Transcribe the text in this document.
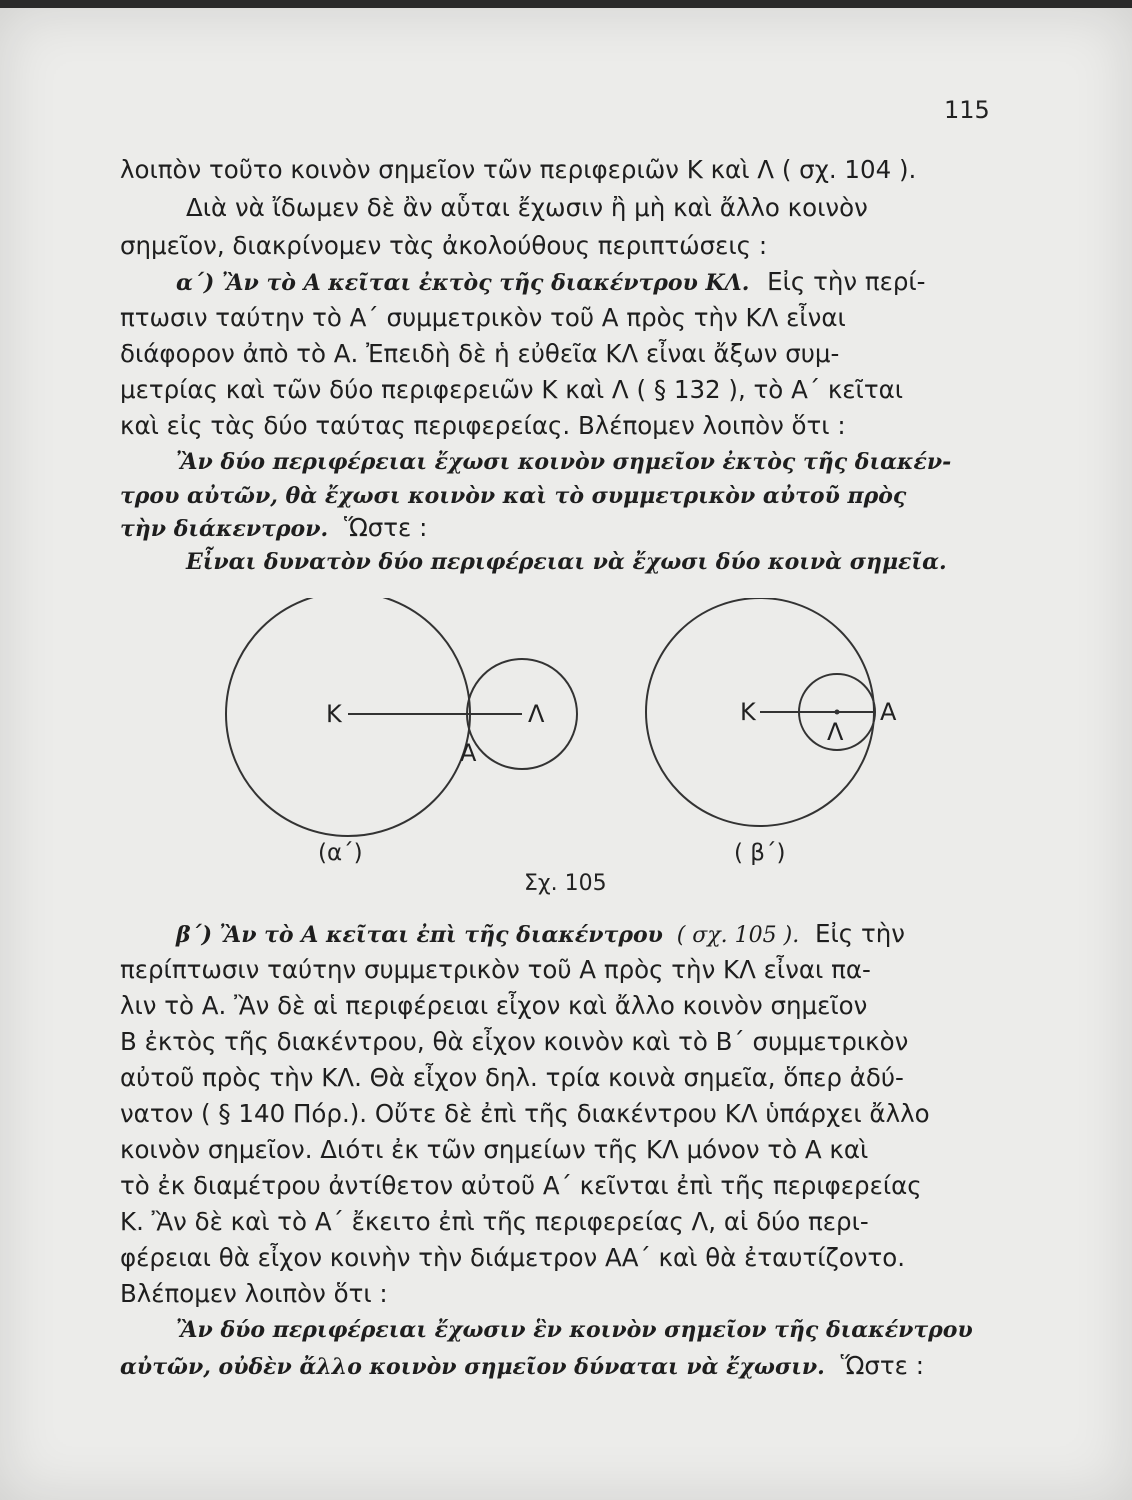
115
λοιπὸν τοῦτο κοινὸν σημεῖον τῶν περιφεριῶν Κ καὶ Λ ( σχ. 104 ).
Διὰ νὰ ἴδωμεν δὲ ἂν αὗται ἔχωσιν ἢ μὴ καὶ ἄλλο κοινὸν
σημεῖον, διακρίνομεν τὰς ἀκολούθους περιπτώσεις :
α΄) Ἂν τὸ Α κεῖται ἐκτὸς τῆς διακέντρου ΚΛ. Εἰς τὴν περί-
πτωσιν ταύτην τὸ Α΄ συμμετρικὸν τοῦ Α πρὸς τὴν ΚΛ εἶναι
διάφορον ἀπὸ τὸ Α. Ἐπειδὴ δὲ ἡ εὐθεῖα ΚΛ εἶναι ἄξων συμ-
μετρίας καὶ τῶν δύο περιφερειῶν Κ καὶ Λ ( § 132 ), τὸ Α΄ κεῖται
καὶ εἰς τὰς δύο ταύτας περιφερείας. Βλέπομεν λοιπὸν ὅτι :
Ἂν δύο περιφέρειαι ἔχωσι κοινὸν σημεῖον ἐκτὸς τῆς διακέν-
τρου αὐτῶν, θὰ ἔχωσι κοινὸν καὶ τὸ συμμετρικὸν αὐτοῦ πρὸς
τὴν διάκεντρον. Ὥστε :
Εἶναι δυνατὸν δύο περιφέρειαι νὰ ἔχωσι δύο κοινὰ σημεῖα.
Κ	Λ
Α
(α΄)
Κ
Λ
Α
( β΄)
Σχ. 105
β΄) Ἂν τὸ Α κεῖται ἐπὶ τῆς διακέντρου ( σχ. 105 ). Εἰς τὴν
περίπτωσιν ταύτην συμμετρικὸν τοῦ Α πρὸς τὴν ΚΛ εἶναι πα-
λιν τὸ Α. Ἂν δὲ αἱ περιφέρειαι εἶχον καὶ ἄλλο κοινὸν σημεῖον
Β ἐκτὸς τῆς διακέντρου, θὰ εἶχον κοινὸν καὶ τὸ Β΄ συμμετρικὸν
αὐτοῦ πρὸς τὴν ΚΛ. Θὰ εἶχον δηλ. τρία κοινὰ σημεῖα, ὅπερ ἀδύ-
νατον ( § 140 Πόρ.). Οὔτε δὲ ἐπὶ τῆς διακέντρου ΚΛ ὑπάρχει ἄλλο
κοινὸν σημεῖον. Διότι ἐκ τῶν σημείων τῆς ΚΛ μόνον τὸ Α καὶ
τὸ ἐκ διαμέτρου ἀντίθετον αὐτοῦ Α΄ κεῖνται ἐπὶ τῆς περιφερείας
Κ. Ἂν δὲ καὶ τὸ Α΄ ἔκειτο ἐπὶ τῆς περιφερείας Λ, αἱ δύο περι-
φέρειαι θὰ εἶχον κοινὴν τὴν διάμετρον ΑΑ΄ καὶ θὰ ἐταυτίζοντο.
Βλέπομεν λοιπὸν ὅτι :
Ἂν δύο περιφέρειαι ἔχωσιν ἓν κοινὸν σημεῖον τῆς διακέντρου
αὐτῶν, οὐδὲν ἄλλο κοινὸν σημεῖον δύναται νὰ ἔχωσιν. Ὥστε :
